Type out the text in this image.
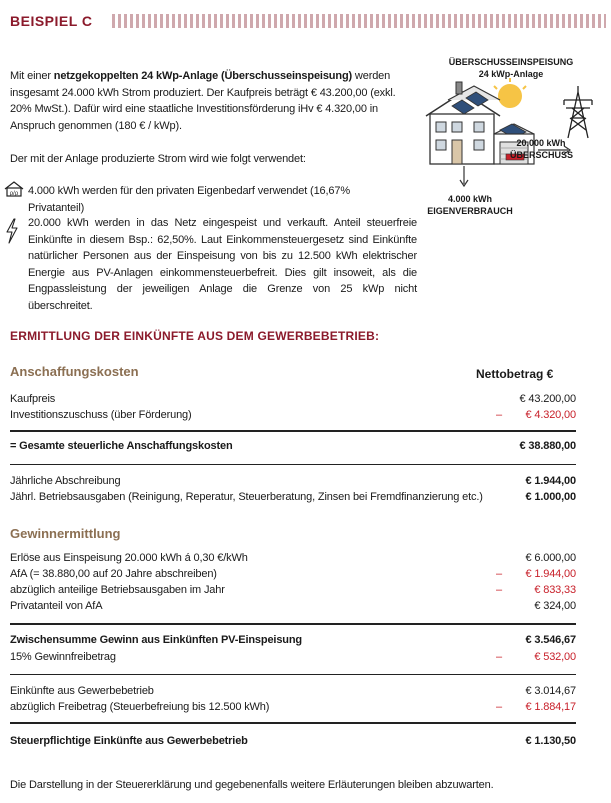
BEISPIEL C
Mit einer netzgekoppelten 24 kWp-Anlage (Überschusseinspeisung) werden insgesamt 24.000 kWh Strom produziert. Der Kaufpreis beträgt € 43.200,00 (exkl. 20% MwSt.). Dafür wird eine staatliche Investitionsförderung iHv € 4.320,00 in Anspruch genommen (180 € / kWp).
Der mit der Anlage produzierte Strom wird wie folgt verwendet:
ρ/ρ 4.000 kWh werden für den privaten Eigenbedarf verwendet (16,67% Privatanteil)
20.000 kWh werden in das Netz eingespeist und verkauft. Anteil steuerfreie Einkünfte in diesem Bsp.: 62,50%. Laut Einkommensteuergesetz sind Einkünfte natürlicher Personen aus der Einspeisung von bis zu 12.500 kWh elektrischer Energie aus PV-Anlagen einkommensteuerbefreit. Dies gilt insoweit, als die Engpassleistung der jeweiligen Anlage die Grenze von 25 kWp nicht überschreitet.
ÜBERSCHUSSEINSPEISUNG
24 kWp-Anlage
4.000 kWh
EIGENVERBRAUCH
20.000 kWh
ÜBERSCHUSS
ERMITTLUNG DER EINKÜNFTE AUS DEM GEWERBEBETRIEB:
Anschaffungskosten	Nettobetrag €
Kaufpreis	€ 43.200,00
Investitionszuschuss (über Förderung)	– € 4.320,00
= Gesamte steuerliche Anschaffungskosten	€ 38.880,00
Jährliche Abschreibung	€ 1.944,00
Jährl. Betriebsausgaben (Reinigung, Reperatur, Steuerberatung, Zinsen bei Fremdfinanzierung etc.)	€ 1.000,00
Gewinnermittlung
Erlöse aus Einspeisung 20.000 kWh á 0,30 €/kWh	€ 6.000,00
AfA (= 38.880,00 auf 20 Jahre abschreiben)	– € 1.944,00
abzüglich anteilige Betriebsausgaben im Jahr	–	€ 833,33
Privatanteil von AfA	€ 324,00
Zwischensumme Gewinn aus Einkünften PV-Einspeisung	€ 3.546,67
15% Gewinnfreibetrag	–	€ 532,00
Einkünfte aus Gewerbebetrieb	€ 3.014,67
abzüglich Freibetrag (Steuerbefreiung bis 12.500 kWh)	– € 1.884,17
Steuerpflichtige Einkünfte aus Gewerbebetrieb	€ 1.130,50
Die Darstellung in der Steuererklärung und gegebenenfalls weitere Erläuterungen bleiben abzuwarten.
